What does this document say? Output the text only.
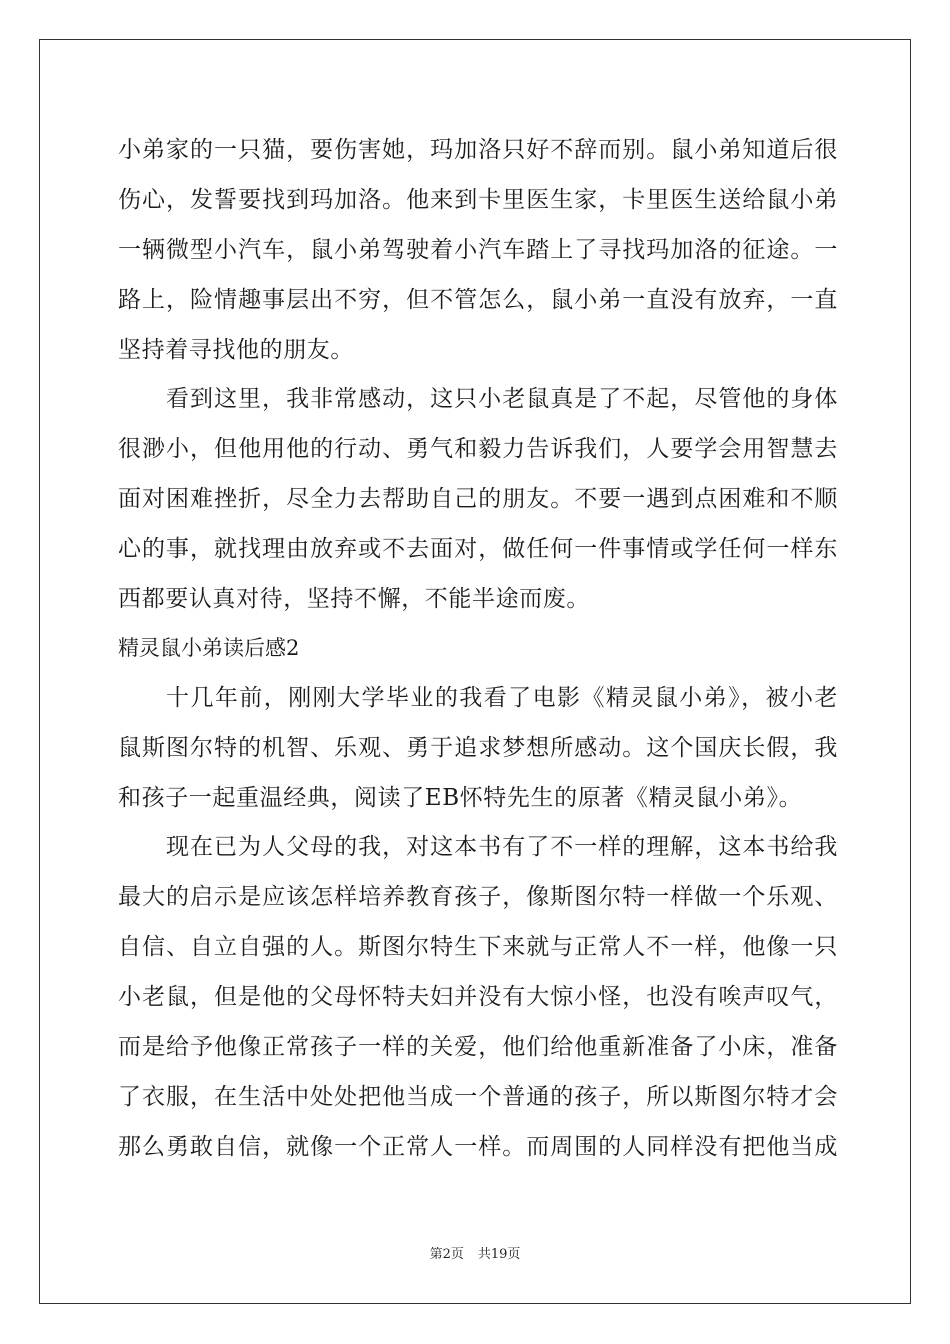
小弟家的一只猫，要伤害她，玛加洛只好不辞而别。鼠小弟知道后很
伤心，发誓要找到玛加洛。他来到卡里医生家，卡里医生送给鼠小弟
一辆微型小汽车，鼠小弟驾驶着小汽车踏上了寻找玛加洛的征途。一
路上，险情趣事层出不穷，但不管怎么，鼠小弟一直没有放弃，一直
坚持着寻找他的朋友。
看到这里，我非常感动，这只小老鼠真是了不起，尽管他的身体
很渺小，但他用他的行动、勇气和毅力告诉我们，人要学会用智慧去
面对困难挫折，尽全力去帮助自己的朋友。不要一遇到点困难和不顺
心的事，就找理由放弃或不去面对，做任何一件事情或学任何一样东
西都要认真对待，坚持不懈，不能半途而废。
精灵鼠小弟读后感2
十几年前，刚刚大学毕业的我看了电影《精灵鼠小弟》，被小老
鼠斯图尔特的机智、乐观、勇于追求梦想所感动。这个国庆长假，我
和孩子一起重温经典，阅读了EB怀特先生的原著《精灵鼠小弟》。
现在已为人父母的我，对这本书有了不一样的理解，这本书给我
最大的启示是应该怎样培养教育孩子，像斯图尔特一样做一个乐观、
自信、自立自强的人。斯图尔特生下来就与正常人不一样，他像一只
小老鼠，但是他的父母怀特夫妇并没有大惊小怪，也没有唉声叹气，
而是给予他像正常孩子一样的关爱，他们给他重新准备了小床，准备
了衣服，在生活中处处把他当成一个普通的孩子，所以斯图尔特才会
那么勇敢自信，就像一个正常人一样。而周围的人同样没有把他当成
第2页 共19页
